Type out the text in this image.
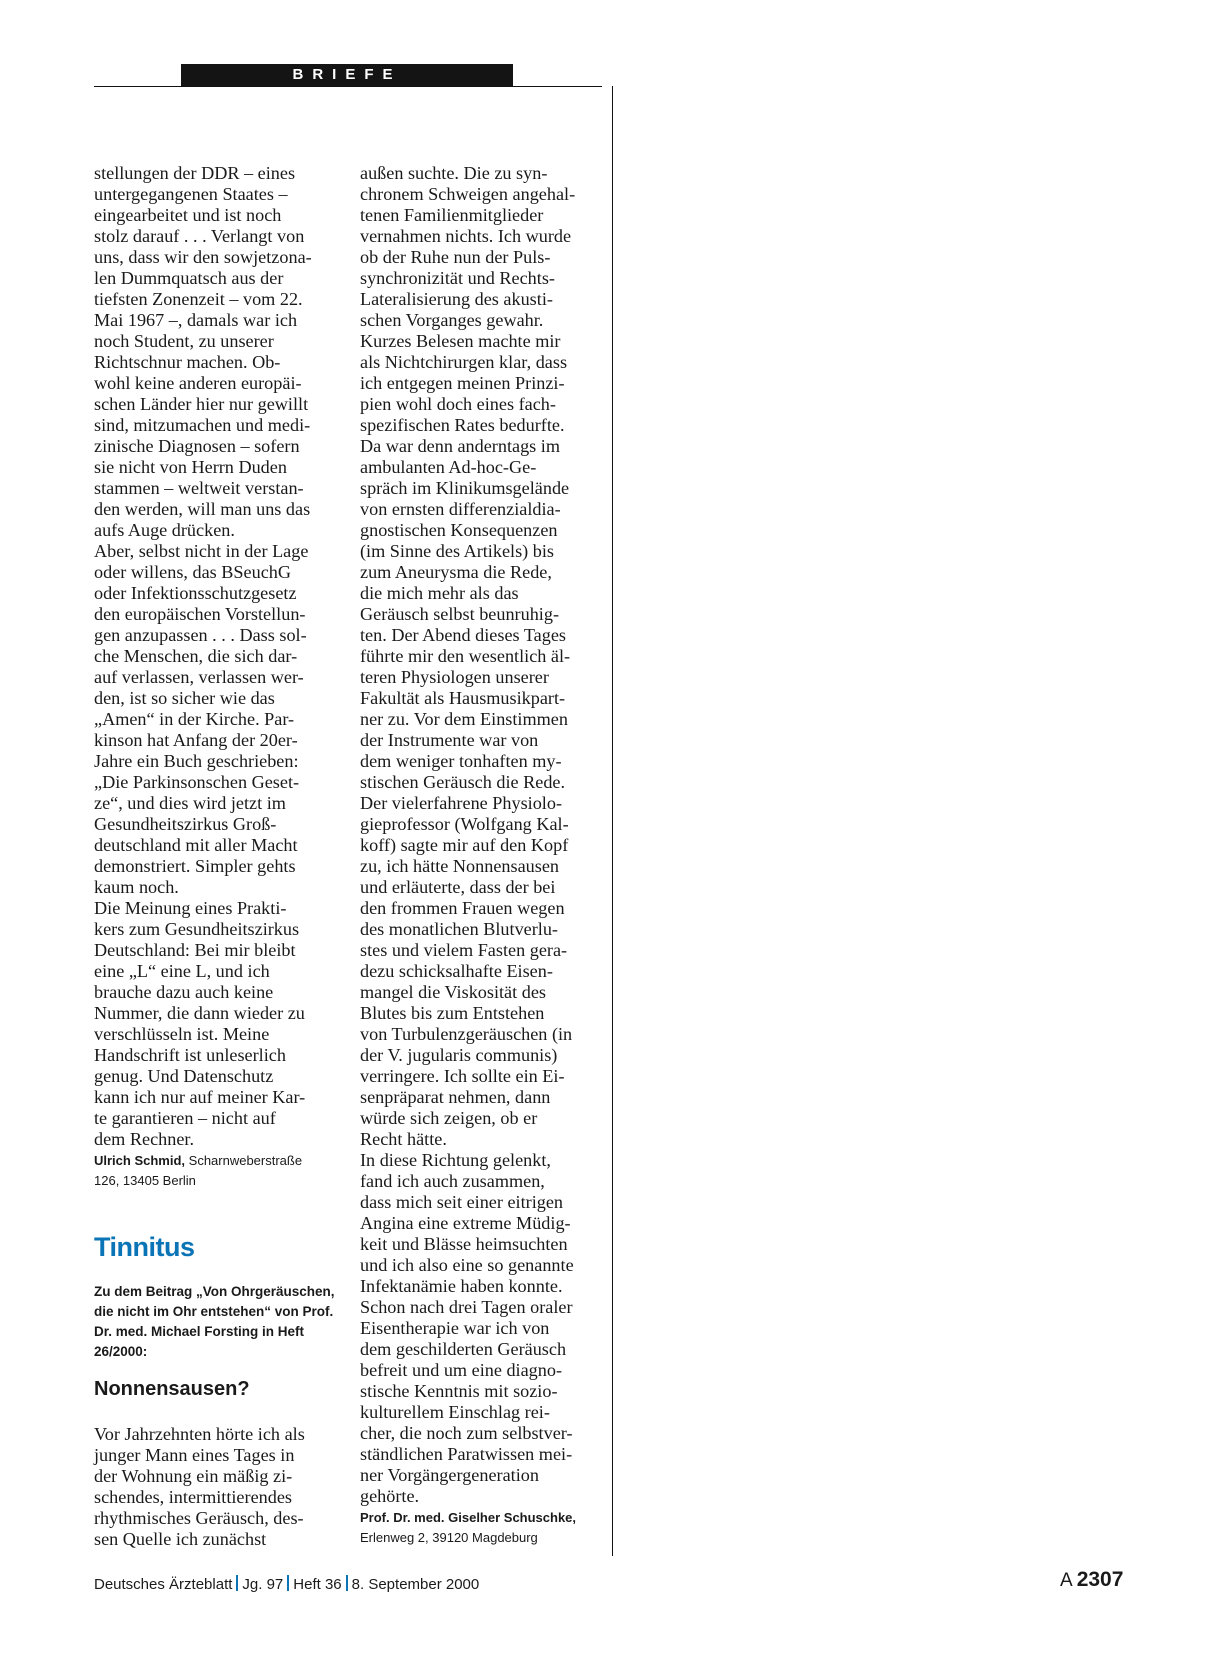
BRIEFE

stellungen der DDR – eines
untergegangenen Staates –
eingearbeitet und ist noch
stolz darauf . . . Verlangt von
uns, dass wir den sowjetzona-
len Dummquatsch aus der
tiefsten Zonenzeit – vom 22.
Mai 1967 –, damals war ich
noch Student, zu unserer
Richtschnur machen. Ob-
wohl keine anderen europäi-
schen Länder hier nur gewillt
sind, mitzumachen und medi-
zinische Diagnosen – sofern
sie nicht von Herrn Duden
stammen – weltweit verstan-
den werden, will man uns das
aufs Auge drücken.

Aber, selbst nicht in der Lage
oder willens, das BSeuchG
oder Infektionsschutzgesetz
den europäischen Vorstellun-
gen anzupassen . . . Dass sol-
che Menschen, die sich dar-
auf verlassen, verlassen wer-
den, ist so sicher wie das
„Amen“ in der Kirche. Par-
kinson hat Anfang der 20er-
Jahre ein Buch geschrieben:
„Die Parkinsonschen Geset-
ze“, und dies wird jetzt im
Gesundheitszirkus Groß-
deutschland mit aller Macht
demonstriert. Simpler gehts
kaum noch.

Die Meinung eines Prakti-
kers zum Gesundheitszirkus
Deutschland: Bei mir bleibt
eine „L“ eine L, und ich
brauche dazu auch keine
Nummer, die dann wieder zu
verschlüsseln ist. Meine
Handschrift ist unleserlich
genug. Und Datenschutz
kann ich nur auf meiner Kar-
te garantieren – nicht auf
dem Rechner.

Ulrich Schmid, Scharnweberstraße
126, 13405 Berlin
Tinnitus
Zu dem Beitrag „Von Ohrgeräuschen,
die nicht im Ohr entstehen“ von Prof.
Dr. med. Michael Forsting in Heft
26/2000:
Nonnensausen?

Vor Jahrzehnten hörte ich als
junger Mann eines Tages in
der Wohnung ein mäßig zi-
schendes, intermittierendes
rhythmisches Geräusch, des-
sen Quelle ich zunächst

außen suchte. Die zu syn-
chronem Schweigen angehal-
tenen Familienmitglieder
vernahmen nichts. Ich wurde
ob der Ruhe nun der Puls-
synchronizität und Rechts-
Lateralisierung des akusti-
schen Vorganges gewahr.
Kurzes Belesen machte mir
als Nichtchirurgen klar, dass
ich entgegen meinen Prinzi-
pien wohl doch eines fach-
spezifischen Rates bedurfte.
Da war denn anderntags im
ambulanten Ad-hoc-Ge-
spräch im Klinikumsgelände
von ernsten differenzialdia-
gnostischen Konsequenzen
(im Sinne des Artikels) bis
zum Aneurysma die Rede,
die mich mehr als das
Geräusch selbst beunruhig-
ten. Der Abend dieses Tages
führte mir den wesentlich äl-
teren Physiologen unserer
Fakultät als Hausmusikpart-
ner zu. Vor dem Einstimmen
der Instrumente war von
dem weniger tonhaften my-
stischen Geräusch die Rede.
Der vielerfahrene Physiolo-
gieprofessor (Wolfgang Kal-
koff) sagte mir auf den Kopf
zu, ich hätte Nonnensausen
und erläuterte, dass der bei
den frommen Frauen wegen
des monatlichen Blutverlu-
stes und vielem Fasten gera-
dezu schicksalhafte Eisen-
mangel die Viskosität des
Blutes bis zum Entstehen
von Turbulenzgeräuschen (in
der V. jugularis communis)
verringere. Ich sollte ein Ei-
senpräparat nehmen, dann
würde sich zeigen, ob er
Recht hätte.

In diese Richtung gelenkt,
fand ich auch zusammen,
dass mich seit einer eitrigen
Angina eine extreme Müdig-
keit und Blässe heimsuchten
und ich also eine so genannte
Infektanämie haben konnte.
Schon nach drei Tagen oraler
Eisentherapie war ich von
dem geschilderten Geräusch
befreit und um eine diagno-
stische Kenntnis mit sozio-
kulturellem Einschlag rei-
cher, die noch zum selbstver-
ständlichen Paratwissen mei-
ner Vorgängergeneration
gehörte.

Prof. Dr. med. Giselher Schuschke,
Erlenweg 2, 39120 Magdeburg
Deutsches Ärzteblatt Jg. 97 Heft 36 8. September 2000	A 2307
